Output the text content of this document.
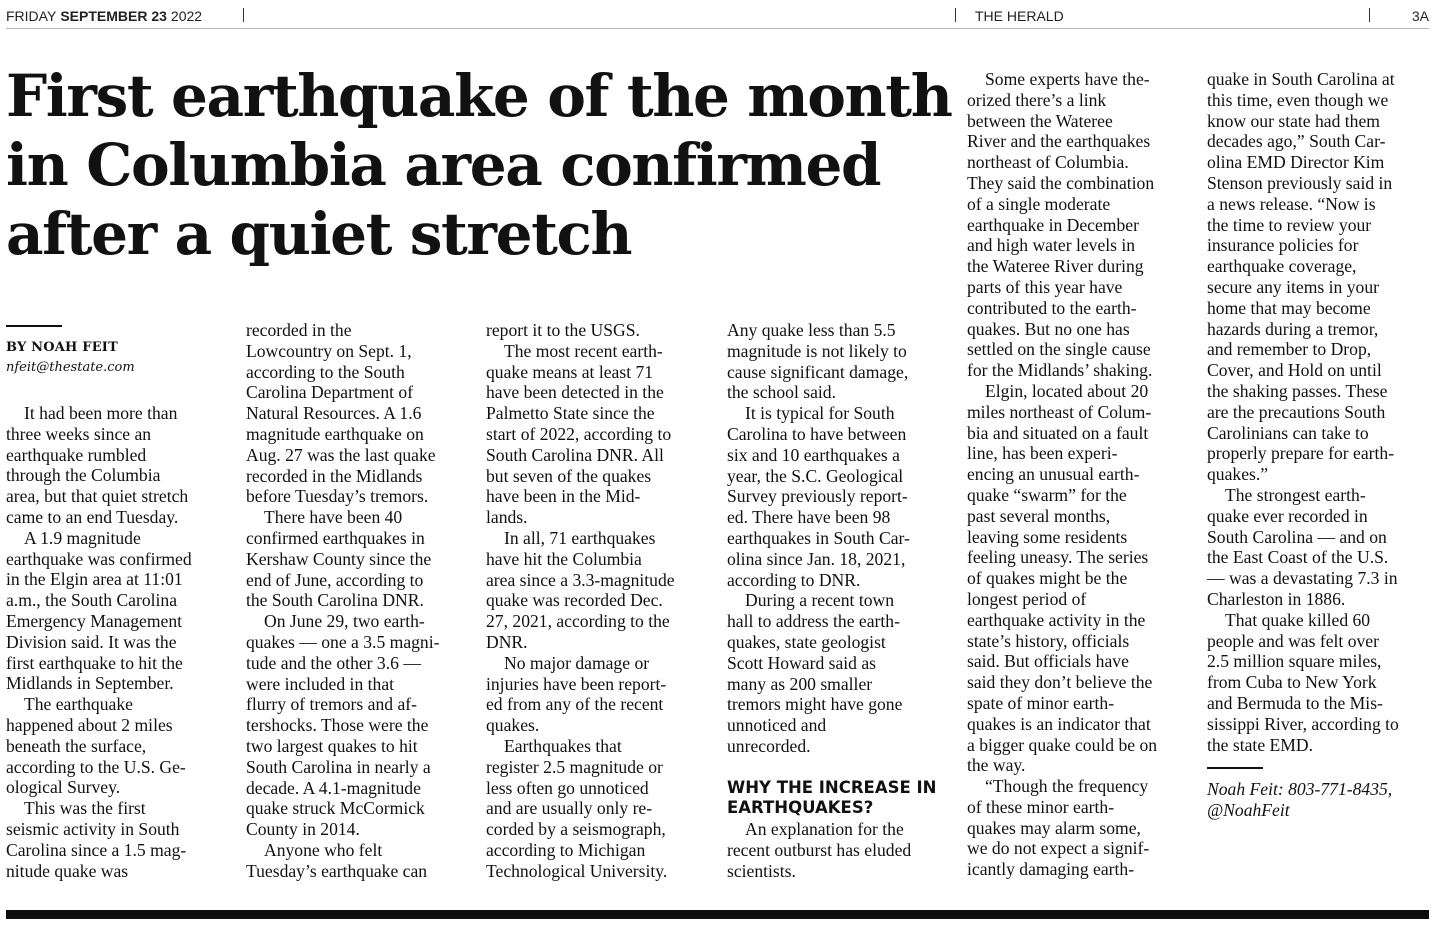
FRIDAY SEPTEMBER 23 2022	THE HERALD	3A
First earthquake of the month
in Columbia area confirmed
after a quiet stretch
BY NOAH FEIT
nfeit@thestate.com

It had been more than

three weeks since an

earthquake rumbled

through the Columbia

area, but that quiet stretch

came to an end Tuesday.

A 1.9 magnitude

earthquake was confirmed

in the Elgin area at 11:01

a.m., the South Carolina

Emergency Management

Division said. It was the

first earthquake to hit the

Midlands in September.

The earthquake

happened about 2 miles

beneath the surface,

according to the U.S. Ge-

ological Survey.

This was the first

seismic activity in South

Carolina since a 1.5 mag-

nitude quake was

recorded in the

Lowcountry on Sept. 1,

according to the South

Carolina Department of

Natural Resources. A 1.6

magnitude earthquake on

Aug. 27 was the last quake

recorded in the Midlands

before Tuesday’s tremors.

There have been 40

confirmed earthquakes in

Kershaw County since the

end of June, according to

the South Carolina DNR.

On June 29, two earth-

quakes — one a 3.5 magni-

tude and the other 3.6 —

were included in that

flurry of tremors and af-

tershocks. Those were the

two largest quakes to hit

South Carolina in nearly a

decade. A 4.1-magnitude

quake struck McCormick

County in 2014.

Anyone who felt

Tuesday’s earthquake can

report it to the USGS.

The most recent earth-

quake means at least 71

have been detected in the

Palmetto State since the

start of 2022, according to

South Carolina DNR. All

but seven of the quakes

have been in the Mid-

lands.

In all, 71 earthquakes

have hit the Columbia

area since a 3.3-magnitude

quake was recorded Dec.

27, 2021, according to the

DNR.

No major damage or

injuries have been report-

ed from any of the recent

quakes.

Earthquakes that

register 2.5 magnitude or

less often go unnoticed

and are usually only re-

corded by a seismograph,

according to Michigan

Technological University.

Any quake less than 5.5

magnitude is not likely to

cause significant damage,

the school said.

It is typical for South

Carolina to have between

six and 10 earthquakes a

year, the S.C. Geological

Survey previously report-

ed. There have been 98

earthquakes in South Car-

olina since Jan. 18, 2021,

according to DNR.

During a recent town

hall to address the earth-

quakes, state geologist

Scott Howard said as

many as 200 smaller

tremors might have gone

unnoticed and

unrecorded.

WHY THE INCREASE IN

EARTHQUAKES?

An explanation for the

recent outburst has eluded

scientists.

Some experts have the-

orized there’s a link

between the Wateree

River and the earthquakes

northeast of Columbia.

They said the combination

of a single moderate

earthquake in December

and high water levels in

the Wateree River during

parts of this year have

contributed to the earth-

quakes. But no one has

settled on the single cause

for the Midlands’ shaking.

Elgin, located about 20

miles northeast of Colum-

bia and situated on a fault

line, has been experi-

encing an unusual earth-

quake “swarm” for the

past several months,

leaving some residents

feeling uneasy. The series

of quakes might be the

longest period of

earthquake activity in the

state’s history, officials

said. But officials have

said they don’t believe the

spate of minor earth-

quakes is an indicator that

a bigger quake could be on

the way.

“Though the frequency

of these minor earth-

quakes may alarm some,

we do not expect a signif-

icantly damaging earth-

quake in South Carolina at

this time, even though we

know our state had them

decades ago,” South Car-

olina EMD Director Kim

Stenson previously said in

a news release. “Now is

the time to review your

insurance policies for

earthquake coverage,

secure any items in your

home that may become

hazards during a tremor,

and remember to Drop,

Cover, and Hold on until

the shaking passes. These

are the precautions South

Carolinians can take to

properly prepare for earth-

quakes.”

The strongest earth-

quake ever recorded in

South Carolina — and on

the East Coast of the U.S.

— was a devastating 7.3 in

Charleston in 1886.

That quake killed 60

people and was felt over

2.5 million square miles,

from Cuba to New York

and Bermuda to the Mis-

sissippi River, according to

the state EMD.

Noah Feit: 803-771-8435,

@NoahFeit
